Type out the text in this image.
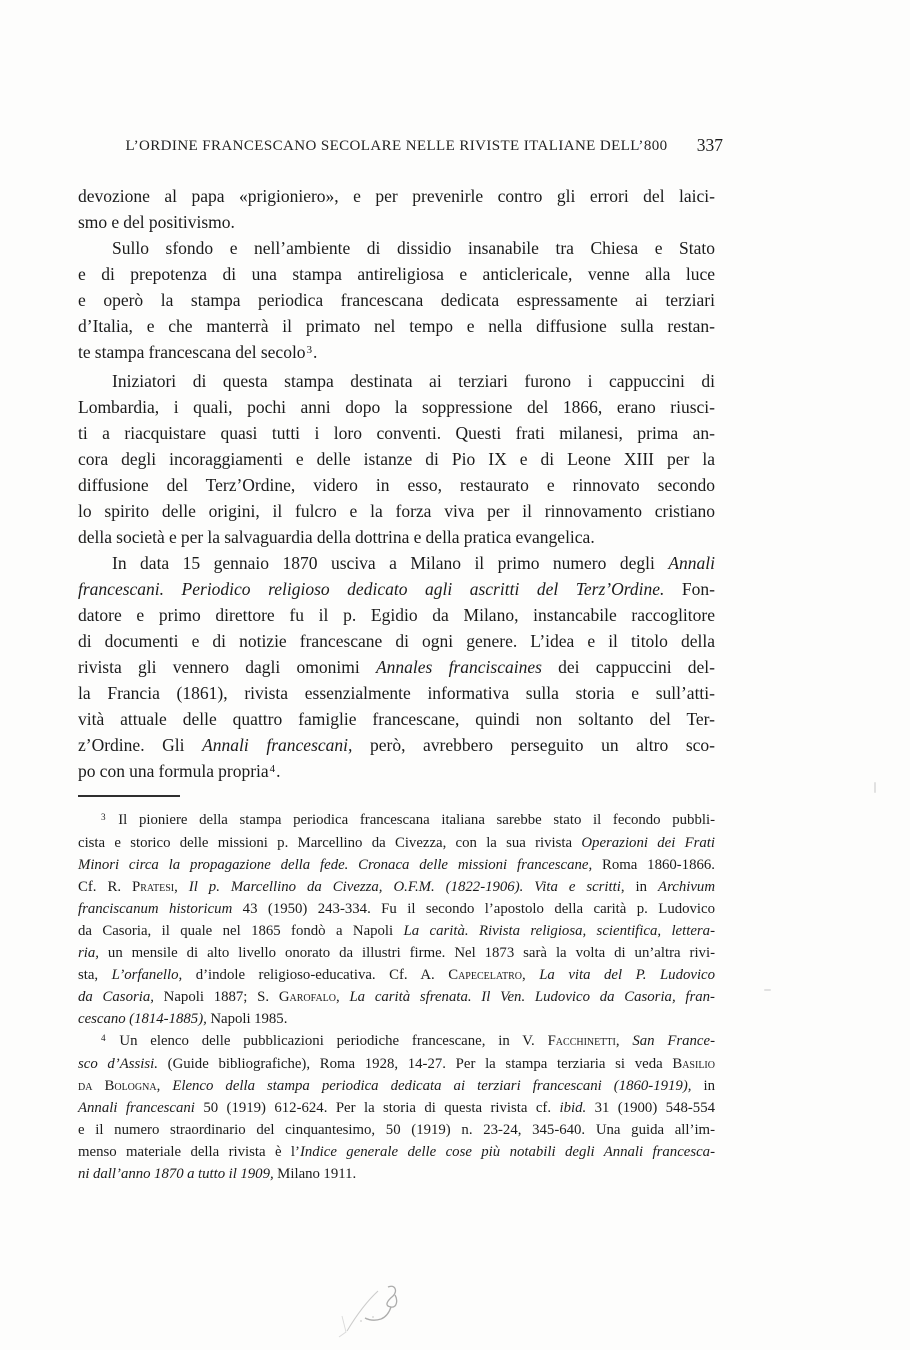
L’ORDINE FRANCESCANO SECOLARE NELLE RIVISTE ITALIANE DELL’800	337
devozione al papa «prigioniero», e per prevenirle contro gli errori del laici-
smo e del positivismo.
Sullo sfondo e nell’ambiente di dissidio insanabile tra Chiesa e Stato
e di prepotenza di una stampa antireligiosa e anticlericale, venne alla luce
e operò la stampa periodica francescana dedicata espressamente ai terziari
d’Italia, e che manterrà il primato nel tempo e nella diffusione sulla restan-
te stampa francescana del secolo$^3$.
Iniziatori di questa stampa destinata ai terziari furono i cappuccini di
Lombardia, i quali, pochi anni dopo la soppressione del 1866, erano riusci-
ti a riacquistare quasi tutti i loro conventi. Questi frati milanesi, prima an-
cora degli incoraggiamenti e delle istanze di Pio IX e di Leone XIII per la
diffusione del Terz’Ordine, videro in esso, restaurato e rinnovato secondo
lo spirito delle origini, il fulcro e la forza viva per il rinnovamento cristiano
della società e per la salvaguardia della dottrina e della pratica evangelica.
In data 15 gennaio 1870 usciva a Milano il primo numero degli Annali
francescani. Periodico religioso dedicato agli ascritti del Terz’Ordine. Fon-
datore e primo direttore fu il p. Egidio da Milano, instancabile raccoglitore
di documenti e di notizie francescane di ogni genere. L’idea e il titolo della
rivista gli vennero dagli omonimi Annales franciscaines dei cappuccini del-
la Francia (1861), rivista essenzialmente informativa sulla storia e sull’atti-
vità attuale delle quattro famiglie francescane, quindi non soltanto del Ter-
z’Ordine. Gli Annali francescani, però, avrebbero perseguito un altro sco-
po con una formula propria$^4$.
$^3$ Il pioniere della stampa periodica francescana italiana sarebbe stato il fecondo pubbli-
cista e storico delle missioni p. Marcellino da Civezza, con la sua rivista Operazioni dei Frati
Minori circa la propagazione della fede. Cronaca delle missioni francescane, Roma 1860-1866.
Cf. R. Pratesi, Il p. Marcellino da Civezza, O.F.M. (1822-1906). Vita e scritti, in Archivum
franciscanum historicum 43 (1950) 243-334. Fu il secondo l’apostolo della carità p. Ludovico
da Casoria, il quale nel 1865 fondò a Napoli La carità. Rivista religiosa, scientifica, lettera-
ria, un mensile di alto livello onorato da illustri firme. Nel 1873 sarà la volta di un’altra rivi-
sta, L’orfanello, d’indole religioso-educativa. Cf. A. Capecelatro, La vita del P. Ludovico
da Casoria, Napoli 1887; S. Garofalo, La carità sfrenata. Il Ven. Ludovico da Casoria, fran-
cescano (1814-1885), Napoli 1985.
$^4$ Un elenco delle pubblicazioni periodiche francescane, in V. Facchinetti, San France-
sco d’Assisi. (Guide bibliografiche), Roma 1928, 14-27. Per la stampa terziaria si veda Basilio
da Bologna, Elenco della stampa periodica dedicata ai terziari francescani (1860-1919), in
Annali francescani 50 (1919) 612-624. Per la storia di questa rivista cf. ibid. 31 (1900) 548-554
e il numero straordinario del cinquantesimo, 50 (1919) n. 23-24, 345-640. Una guida all’im-
menso materiale della rivista è l’Indice generale delle cose più notabili degli Annali francesca-
ni dall’anno 1870 a tutto il 1909, Milano 1911.
